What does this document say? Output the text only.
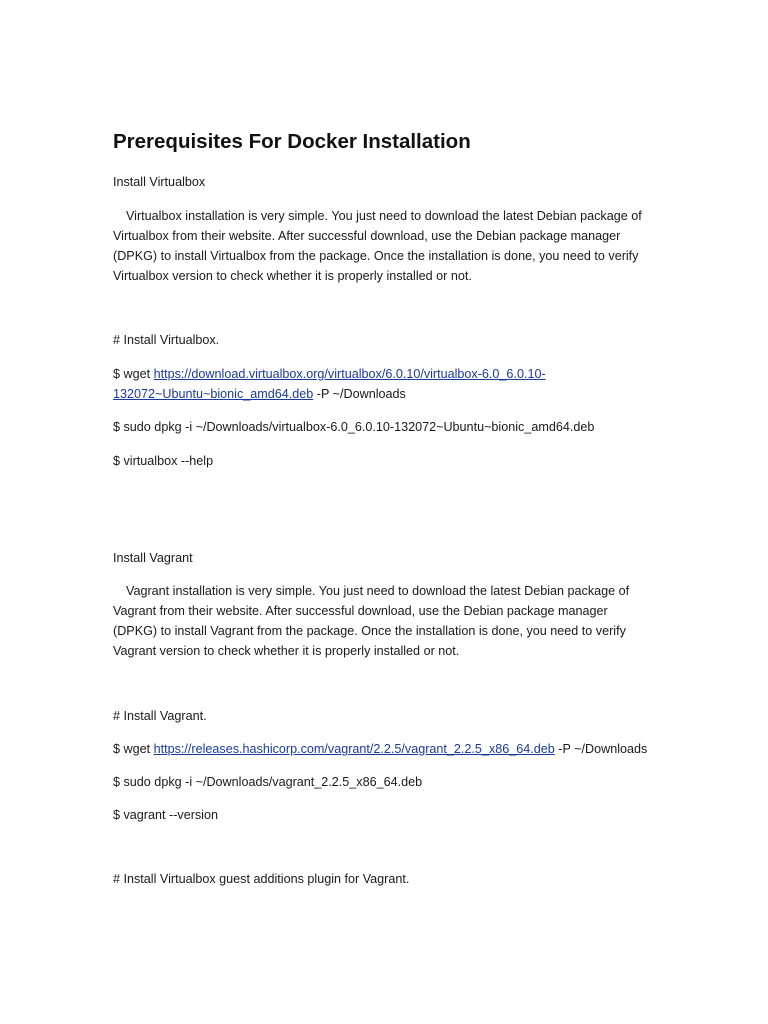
Prerequisites For Docker Installation

Install Virtualbox

Virtualbox installation is very simple. You just need to download the latest Debian package of Virtualbox from their website. After successful download, use the Debian package manager (DPKG) to install Virtualbox from the package. Once the installation is done, you need to verify Virtualbox version to check whether it is properly installed or not.

# Install Virtualbox.

$ wget https://download.virtualbox.org/virtualbox/6.0.10/virtualbox-6.0_6.0.10-
132072~Ubuntu~bionic_amd64.deb -P ~/Downloads

$ sudo dpkg -i ~/Downloads/virtualbox-6.0_6.0.10-132072~Ubuntu~bionic_amd64.deb

$ virtualbox --help

Install Vagrant

Vagrant installation is very simple. You just need to download the latest Debian package of Vagrant from their website. After successful download, use the Debian package manager (DPKG) to install Vagrant from the package. Once the installation is done, you need to verify Vagrant version to check whether it is properly installed or not.

# Install Vagrant.

$ wget https://releases.hashicorp.com/vagrant/2.2.5/vagrant_2.2.5_x86_64.deb -P ~/Downloads

$ sudo dpkg -i ~/Downloads/vagrant_2.2.5_x86_64.deb

$ vagrant --version

# Install Virtualbox guest additions plugin for Vagrant.
